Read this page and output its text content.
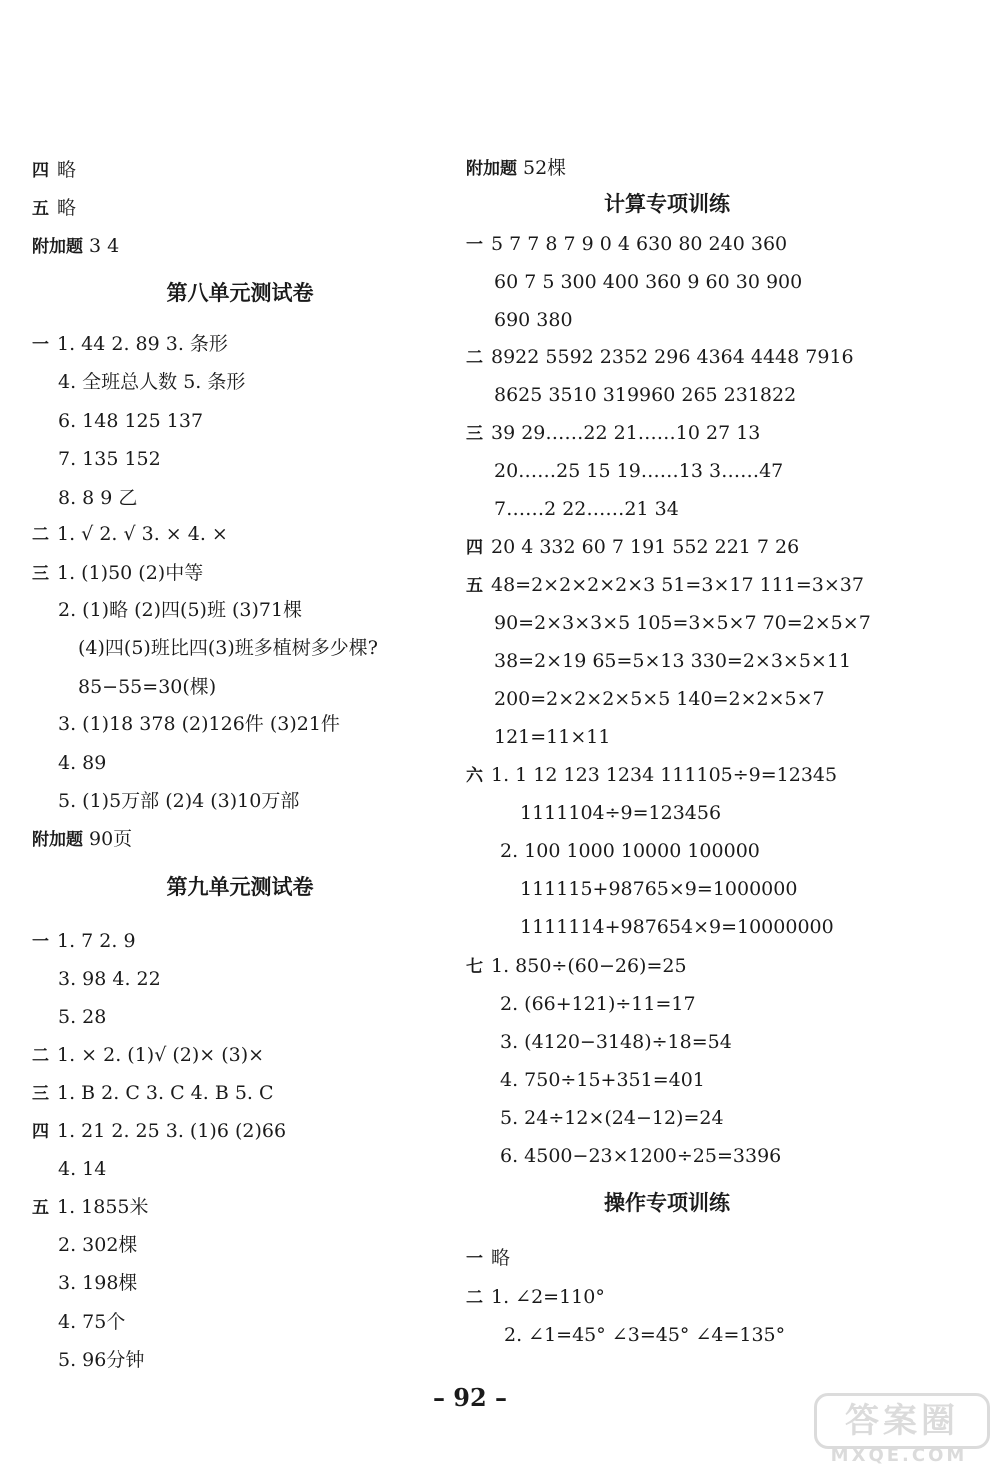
四 略
五 略
附加题 3 4
第八单元测试卷
一 1. 44 2. 89 3. 条形
4. 全班总人数 5. 条形
6. 148 125 137
7. 135 152
8. 8 9 乙
二 1. √ 2. √ 3. × 4. ×
三 1. (1)50 (2)中等
2. (1)略 (2)四(5)班 (3)71棵
(4)四(5)班比四(3)班多植树多少棵?
85−55=30(棵)
3. (1)18 378 (2)126件 (3)21件
4. 89
5. (1)5万部 (2)4 (3)10万部
附加题 90页
第九单元测试卷
一 1. 7 2. 9
3. 98 4. 22
5. 28
二 1. × 2. (1)√ (2)× (3)×
三 1. B 2. C 3. C 4. B 5. C
四 1. 21 2. 25 3. (1)6 (2)66
4. 14
五 1. 1855米
2. 302棵
3. 198棵
4. 75个
5. 96分钟
附加题 52棵
计算专项训练
一 5 7 7 8 7 9 0 4 630 80 240 360
60 7 5 300 400 360 9 60 30 900
690 380
二 8922 5592 2352 296 4364 4448 7916
8625 3510 319960 265 231822
三 39 29……22 21……10 27 13
20……25 15 19……13 3……47
7……2 22……21 34
四 20 4 332 60 7 191 552 221 7 26
五 48=2×2×2×2×3 51=3×17 111=3×37
90=2×3×3×5 105=3×5×7 70=2×5×7
38=2×19 65=5×13 330=2×3×5×11
200=2×2×2×5×5 140=2×2×5×7
121=11×11
六 1. 1 12 123 1234 111105÷9=12345
1111104÷9=123456
2. 100 1000 10000 100000
111115+98765×9=1000000
1111114+987654×9=10000000
七 1. 850÷(60−26)=25
2. (66+121)÷11=17
3. (4120−3148)÷18=54
4. 750÷15+351=401
5. 24÷12×(24−12)=24
6. 4500−23×1200÷25=3396
操作专项训练
一 略
二 1. ∠2=110°
2. ∠1=45° ∠3=45° ∠4=135°
– 92 –
答案圈
MXQE.COM
